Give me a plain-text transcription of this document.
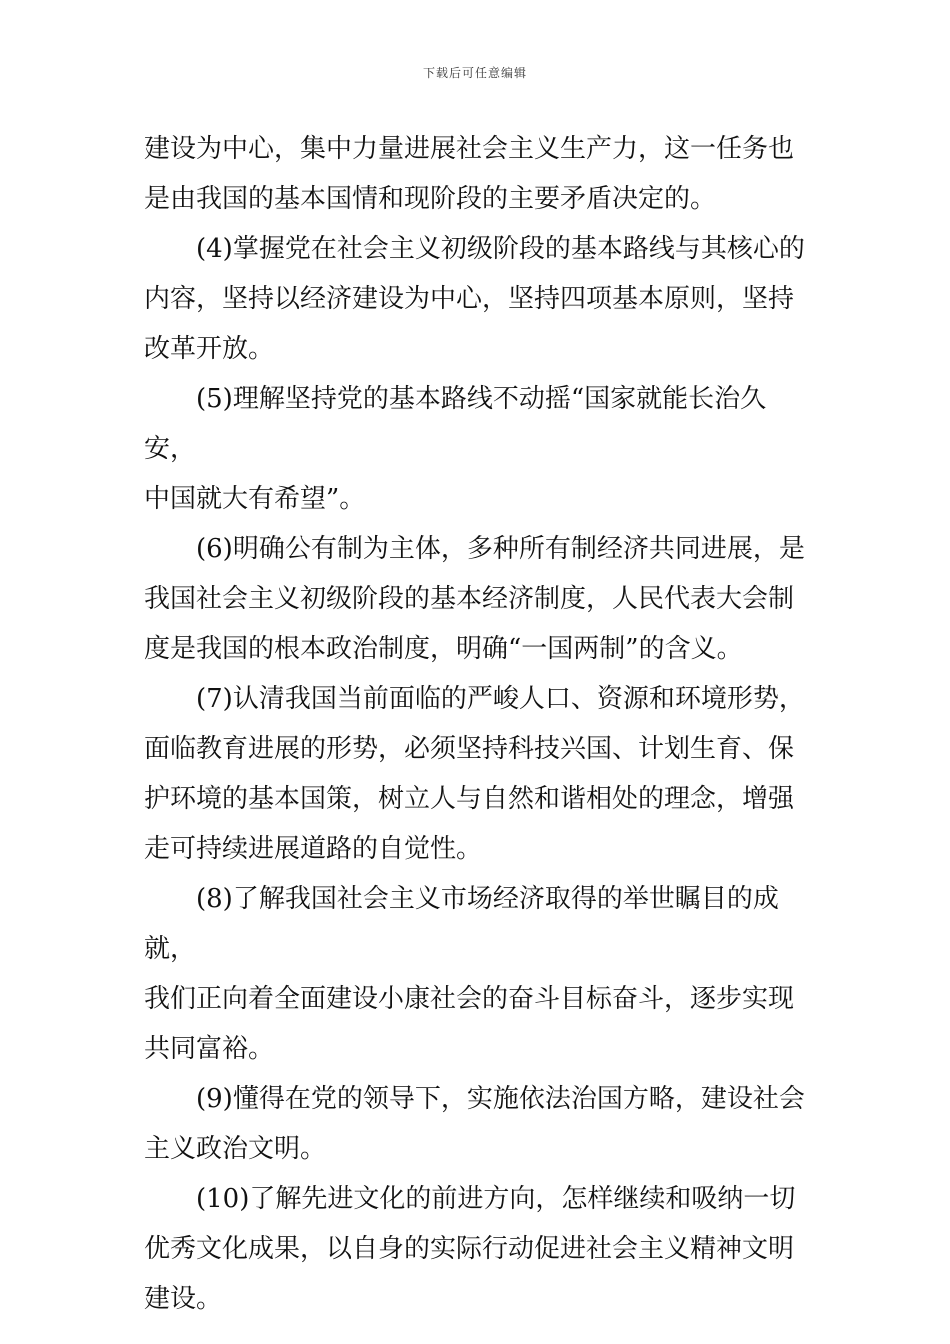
下载后可任意编辑

建设为中心，集中力量进展社会主义生产力，这一任务也
是由我国的基本国情和现阶段的主要矛盾决定的。

(4)掌握党在社会主义初级阶段的基本路线与其核心的
内容，坚持以经济建设为中心，坚持四项基本原则，坚持
改革开放。

(5)理解坚持党的基本路线不动摇“国家就能长治久安，
中国就大有希望”。

(6)明确公有制为主体，多种所有制经济共同进展，是
我国社会主义初级阶段的基本经济制度，人民代表大会制
度是我国的根本政治制度，明确“一国两制”的含义。

(7)认清我国当前面临的严峻人口、资源和环境形势，
面临教育进展的形势，必须坚持科技兴国、计划生育、保
护环境的基本国策，树立人与自然和谐相处的理念，增强
走可持续进展道路的自觉性。

(8)了解我国社会主义市场经济取得的举世瞩目的成就，
我们正向着全面建设小康社会的奋斗目标奋斗，逐步实现
共同富裕。

(9)懂得在党的领导下，实施依法治国方略，建设社会
主义政治文明。

(10)了解先进文化的前进方向，怎样继续和吸纳一切
优秀文化成果，以自身的实际行动促进社会主义精神文明
建设。
